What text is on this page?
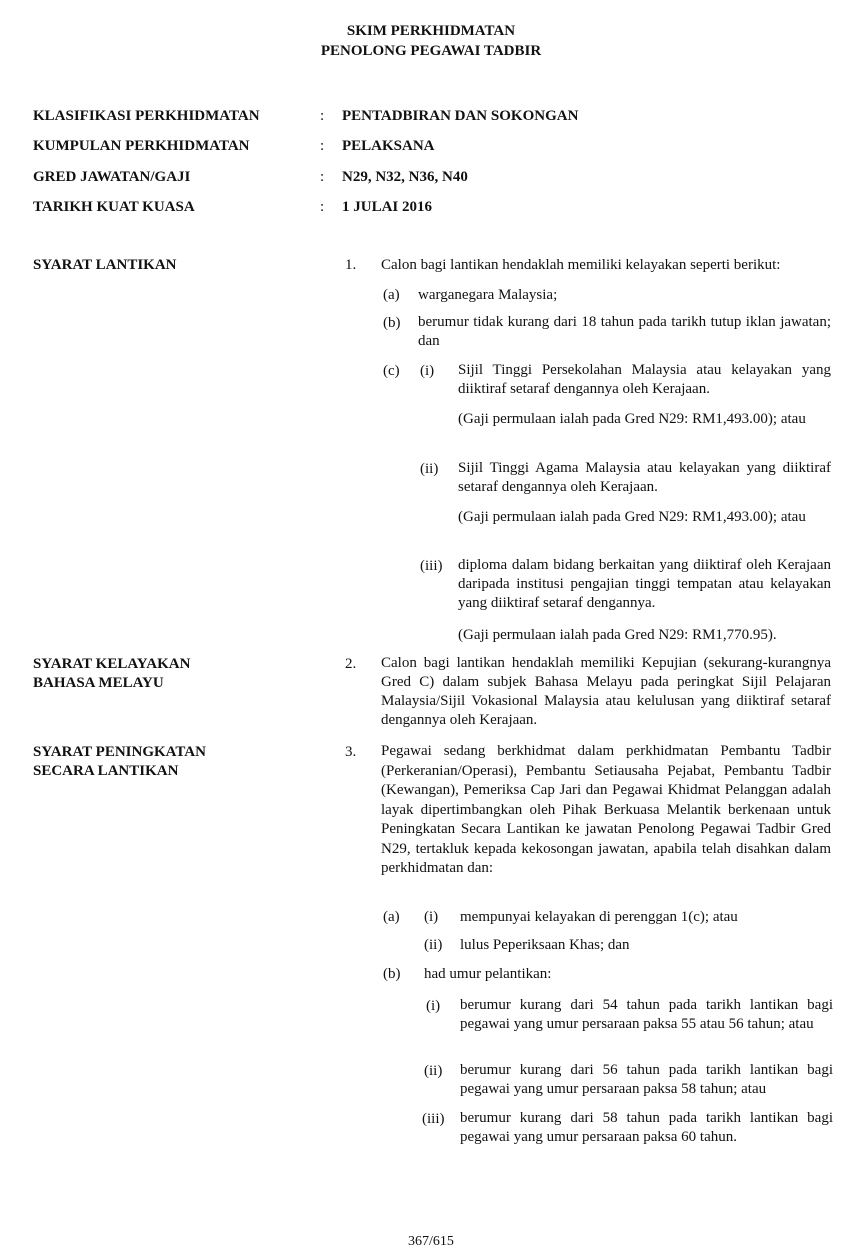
SKIM PERKHIDMATAN
PENOLONG PEGAWAI TADBIR
KLASIFIKASI PERKHIDMATAN	: PENTADBIRAN DAN SOKONGAN
KUMPULAN PERKHIDMATAN	: PELAKSANA
GRED JAWATAN/GAJI	: N29, N32, N36, N40
TARIKH KUAT KUASA	: 1 JULAI 2016
SYARAT LANTIKAN	1. Calon bagi lantikan hendaklah memiliki kelayakan seperti berikut:
(a) warganegara Malaysia;
(b) berumur tidak kurang dari 18 tahun pada tarikh tutup iklan jawatan; dan
(c) (i) Sijil Tinggi Persekolahan Malaysia atau kelayakan yang diiktiraf setaraf dengannya oleh Kerajaan.
(Gaji permulaan ialah pada Gred N29: RM1,493.00); atau
(ii) Sijil Tinggi Agama Malaysia atau kelayakan yang diiktiraf setaraf dengannya oleh Kerajaan.
(Gaji permulaan ialah pada Gred N29: RM1,493.00); atau
(iii) diploma dalam bidang berkaitan yang diiktiraf oleh Kerajaan daripada institusi pengajian tinggi tempatan atau kelayakan yang diiktiraf setaraf dengannya.
(Gaji permulaan ialah pada Gred N29: RM1,770.95).
SYARAT KELAYAKAN
BAHASA MELAYU
2. Calon bagi lantikan hendaklah memiliki Kepujian (sekurang-kurangnya Gred C) dalam subjek Bahasa Melayu pada peringkat Sijil Pelajaran Malaysia/Sijil Vokasional Malaysia atau kelulusan yang diiktiraf setaraf dengannya oleh Kerajaan.
SYARAT PENINGKATAN
SECARA LANTIKAN
3. Pegawai sedang berkhidmat dalam perkhidmatan Pembantu Tadbir (Perkeranian/Operasi), Pembantu Setiausaha Pejabat, Pembantu Tadbir (Kewangan), Pemeriksa Cap Jari dan Pegawai Khidmat Pelanggan adalah layak dipertimbangkan oleh Pihak Berkuasa Melantik berkenaan untuk Peningkatan Secara Lantikan ke jawatan Penolong Pegawai Tadbir Gred N29, tertakluk kepada kekosongan jawatan, apabila telah disahkan dalam perkhidmatan dan:
(a) (i) mempunyai kelayakan di perenggan 1(c); atau
(ii) lulus Peperiksaan Khas; dan
(b) had umur pelantikan:
(i) berumur kurang dari 54 tahun pada tarikh lantikan bagi pegawai yang umur persaraan paksa 55 atau 56 tahun; atau
(ii) berumur kurang dari 56 tahun pada tarikh lantikan bagi pegawai yang umur persaraan paksa 58 tahun; atau
(iii) berumur kurang dari 58 tahun pada tarikh lantikan bagi pegawai yang umur persaraan paksa 60 tahun.
367/615
